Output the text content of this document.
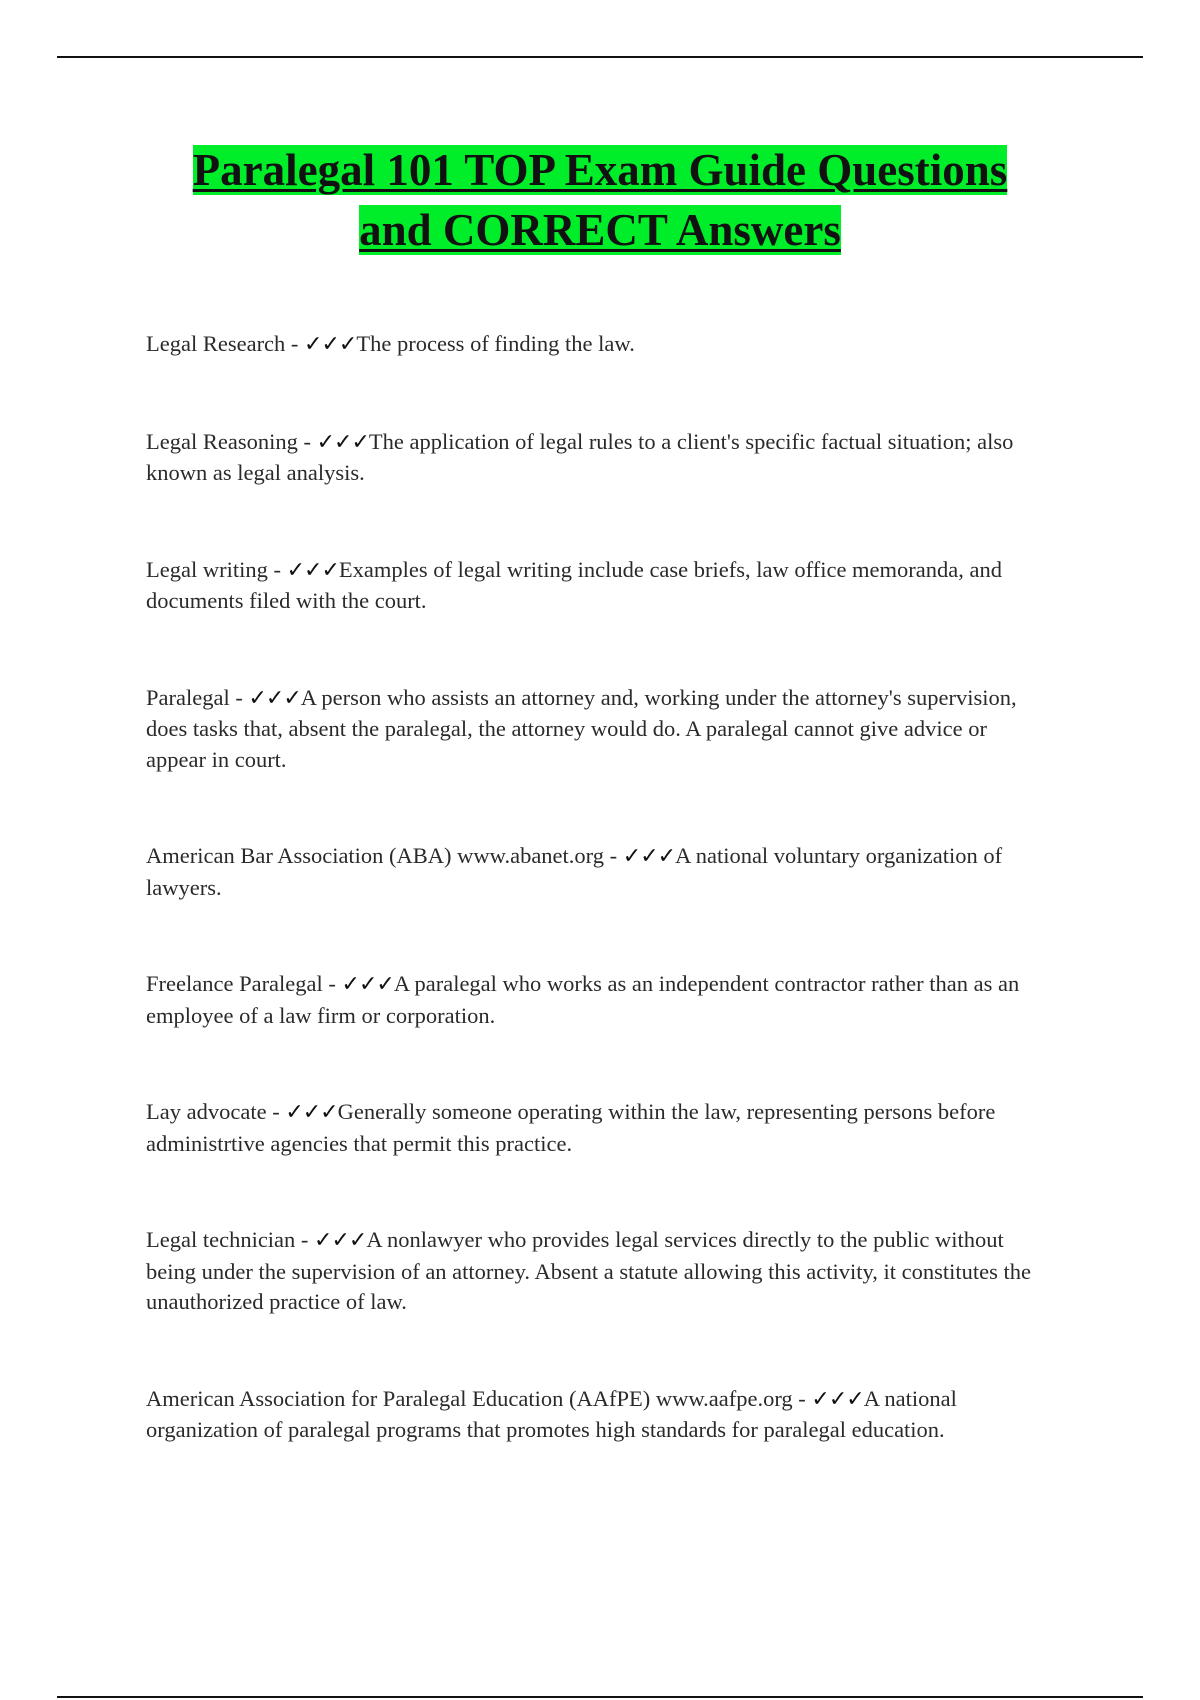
Paralegal 101 TOP Exam Guide Questions
and CORRECT Answers

Legal Research - ✓✓✓The process of finding the law.

Legal Reasoning - ✓✓✓The application of legal rules to a client's specific factual situation; also known as legal analysis.

Legal writing - ✓✓✓Examples of legal writing include case briefs, law office memoranda, and documents filed with the court.

Paralegal - ✓✓✓A person who assists an attorney and, working under the attorney's supervision, does tasks that, absent the paralegal, the attorney would do. A paralegal cannot give advice or appear in court.

American Bar Association (ABA) www.abanet.org - ✓✓✓A national voluntary organization of lawyers.

Freelance Paralegal - ✓✓✓A paralegal who works as an independent contractor rather than as an employee of a law firm or corporation.

Lay advocate - ✓✓✓Generally someone operating within the law, representing persons before administrtive agencies that permit this practice.

Legal technician - ✓✓✓A nonlawyer who provides legal services directly to the public without being under the supervision of an attorney. Absent a statute allowing this activity, it constitutes the unauthorized practice of law.

American Association for Paralegal Education (AAfPE) www.aafpe.org - ✓✓✓A national organization of paralegal programs that promotes high standards for paralegal education.
